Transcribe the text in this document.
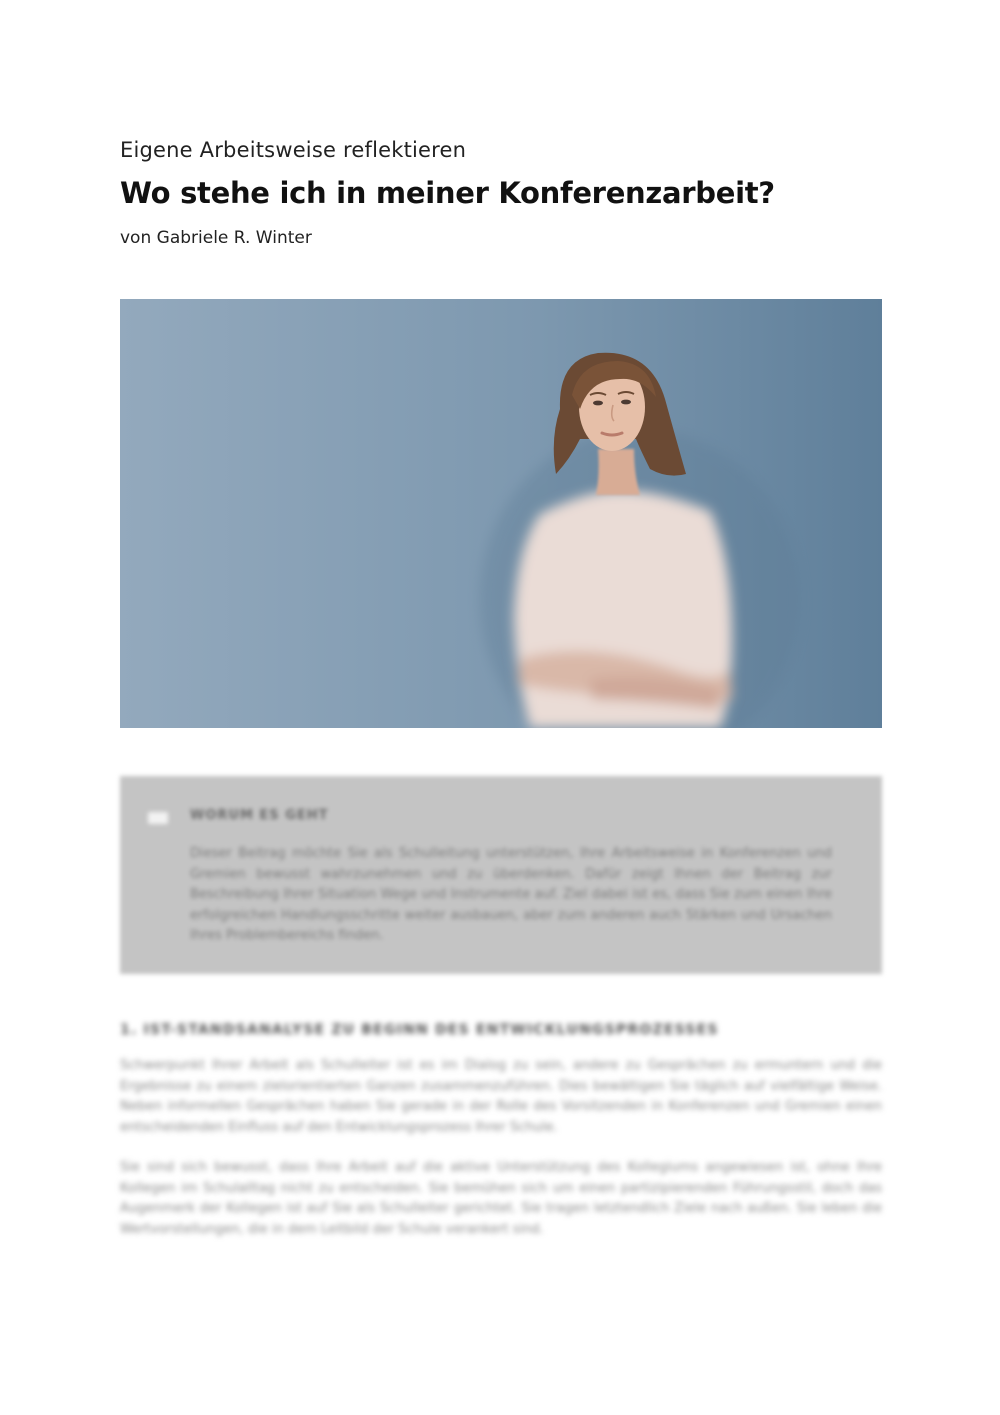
Eigene Arbeitsweise reflektieren
Wo stehe ich in meiner Konferenzarbeit?
von Gabriele R. Winter
WORUM ES GEHT
Dieser Beitrag möchte Sie als Schulleitung unterstützen, Ihre Arbeitsweise in Konferenzen und Gremien bewusst wahrzunehmen und zu überdenken. Dafür zeigt Ihnen der Beitrag zur Beschreibung Ihrer Situation Wege und Instrumente auf. Ziel dabei ist es, dass Sie zum einen Ihre erfolgreichen Handlungsschritte weiter ausbauen, aber zum anderen auch Stärken und Ursachen Ihres Problembereichs finden.
1. IST-STANDSANALYSE ZU BEGINN DES ENTWICKLUNGSPROZESSES

Schwerpunkt Ihrer Arbeit als Schulleiter ist es im Dialog zu sein, andere zu Gesprächen zu ermuntern und die Ergebnisse zu einem zielorientierten Ganzen zusammenzuführen. Dies bewältigen Sie täglich auf vielfältige Weise. Neben informellen Gesprächen haben Sie gerade in der Rolle des Vorsitzenden in Konferenzen und Gremien einen entscheidenden Einfluss auf den Entwicklungsprozess Ihrer Schule.

Sie sind sich bewusst, dass Ihre Arbeit auf die aktive Unterstützung des Kollegiums angewiesen ist, ohne Ihre Kollegen im Schulalltag nicht zu entscheiden. Sie bemühen sich um einen partizipierenden Führungsstil, doch das Augenmerk der Kollegen ist auf Sie als Schulleiter gerichtet. Sie tragen letztendlich Ziele nach außen. Sie leben die Wertvorstellungen, die in dem Leitbild der Schule verankert sind.
